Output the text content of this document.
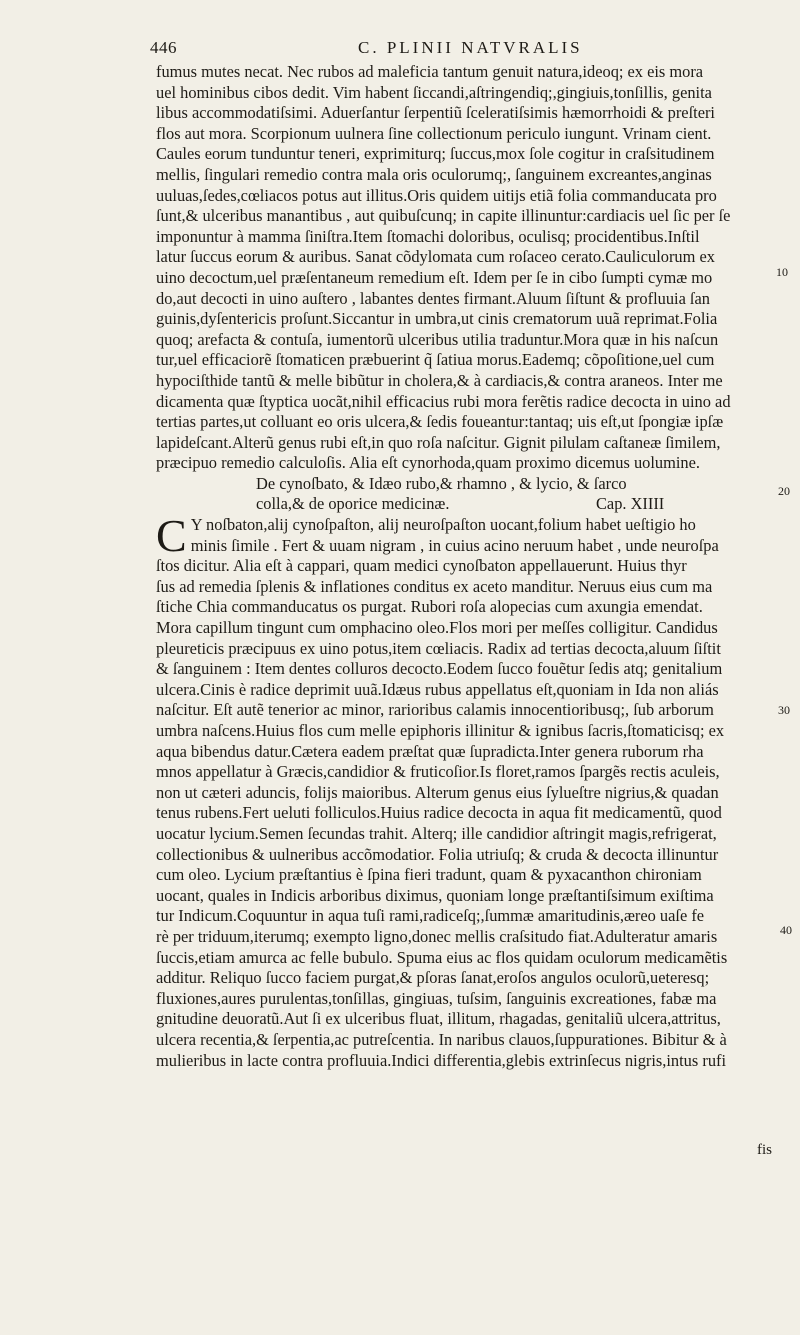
446	C. PLINII NATVRALIS
10
20
30
40
fumus mutes necat. Nec rubos ad maleficia tantum genuit natura,ideoq; ex eis mora
uel hominibus cibos dedit. Vim habent ſiccandi,aſtringendiq;,gingiuis,tonſillis, genita
libus accommodatiſsimi. Aduerſantur ſerpentiũ ſceleratiſsimis hæmorrhoidi & preſteri
flos aut mora. Scorpionum uulnera ſine collectionum periculo iungunt. Vrinam cient.
Caules eorum tunduntur teneri, exprimiturq; ſuccus,mox ſole cogitur in craſsitudinem
mellis, ſingulari remedio contra mala oris oculorumq;, ſanguinem excreantes,anginas
uuluas,ſedes,cœliacos potus aut illitus.Oris quidem uitijs etiã folia commanducata pro
ſunt,& ulceribus manantibus , aut quibuſcunq; in capite illinuntur:cardiacis uel ſic per ſe
imponuntur à mamma ſiniſtra.Item ſtomachi doloribus, oculisq; procidentibus.Inſtil
latur ſuccus eorum & auribus. Sanat cõdylomata cum roſaceo cerato.Cauliculorum ex
uino decoctum,uel præſentaneum remedium eſt. Idem per ſe in cibo ſumpti cymæ mo
do,aut decocti in uino auſtero , labantes dentes firmant.Aluum ſiſtunt & profluuia ſan
guinis,dyſentericis proſunt.Siccantur in umbra,ut cinis crematorum uuã reprimat.Folia
quoq; arefacta & contuſa, iumentorũ ulceribus utilia traduntur.Mora quæ in his naſcun
tur,uel efficaciorẽ ſtomaticen præbuerint q̃ ſatiua morus.Eademq; cõpoſitione,uel cum
hypociſthide tantũ & melle bibũtur in cholera,& à cardiacis,& contra araneos. Inter me
dicamenta quæ ſtyptica uocãt,nihil efficacius rubi mora ferẽtis radice decocta in uino ad
tertias partes,ut colluant eo oris ulcera,& ſedis foueantur:tantaq; uis eſt,ut ſpongiæ ipſæ
lapideſcant.Alterũ genus rubi eſt,in quo roſa naſcitur. Gignit pilulam caſtaneæ ſimilem,
præcipuo remedio calculoſis. Alia eſt cynorhoda,quam proximo dicemus uolumine.
De cynoſbato, & Idæo rubo,& rhamno , & lycio, & ſarco
colla,& de oporice medicinæ.	Cap. XIIII
C Y noſbaton,alij cynoſpaſton, alij neuroſpaſton uocant,folium habet ueſtigio ho
minis ſimile . Fert & uuam nigram , in cuius acino neruum habet , unde neuroſpa
ſtos dicitur. Alia eſt à cappari, quam medici cynoſbaton appellauerunt. Huius thyr
ſus ad remedia ſplenis & inflationes conditus ex aceto manditur. Neruus eius cum ma
ſtiche Chia commanducatus os purgat. Rubori roſa alopecias cum axungia emendat.
Mora capillum tingunt cum omphacino oleo.Flos mori per meſſes colligitur. Candidus
pleureticis præcipuus ex uino potus,item cœliacis. Radix ad tertias decocta,aluum ſiſtit
& ſanguinem : Item dentes colluros decocto.Eodem ſucco fouẽtur ſedis atq; genitalium
ulcera.Cinis è radice deprimit uuã.Idæus rubus appellatus eſt,quoniam in Ida non aliás
naſcitur. Eſt autẽ tenerior ac minor, rarioribus calamis innocentioribusq;, ſub arborum
umbra naſcens.Huius flos cum melle epiphoris illinitur & ignibus ſacris,ſtomaticisq; ex
aqua bibendus datur.Cætera eadem præſtat quæ ſupradicta.Inter genera ruborum rha
mnos appellatur à Græcis,candidior & fruticoſior.Is floret,ramos ſpargẽs rectis aculeis,
non ut cæteri aduncis, folijs maioribus. Alterum genus eius ſylueſtre nigrius,& quadan
tenus rubens.Fert ueluti folliculos.Huius radice decocta in aqua fit medicamentũ, quod
uocatur lycium.Semen ſecundas trahit. Alterq; ille candidior aſtringit magis,refrigerat,
collectionibus & uulneribus accõmodatior. Folia utriuſq; & cruda & decocta illinuntur
cum oleo. Lycium præſtantius è ſpina fieri tradunt, quam & pyxacanthon chironiam
uocant, quales in Indicis arboribus diximus, quoniam longe præſtantiſsimum exiſtima
tur Indicum.Coquuntur in aqua tuſi rami,radiceſq;,ſummæ amaritudinis,æreo uaſe fe
rè per triduum,iterumq; exempto ligno,donec mellis craſsitudo fiat.Adulteratur amaris
ſuccis,etiam amurca ac felle bubulo. Spuma eius ac flos quidam oculorum medicamẽtis
additur. Reliquo ſucco faciem purgat,& pſoras ſanat,eroſos angulos oculorũ,ueteresq;
fluxiones,aures purulentas,tonſillas, gingiuas, tuſsim, ſanguinis excreationes, fabæ ma
gnitudine deuoratũ.Aut ſi ex ulceribus fluat, illitum, rhagadas, genitaliũ ulcera,attritus,
ulcera recentia,& ſerpentia,ac putreſcentia. In naribus clauos,ſuppurationes. Bibitur & à
mulieribus in lacte contra profluuia.Indici differentia,glebis extrinſecus nigris,intus rufi
fis
